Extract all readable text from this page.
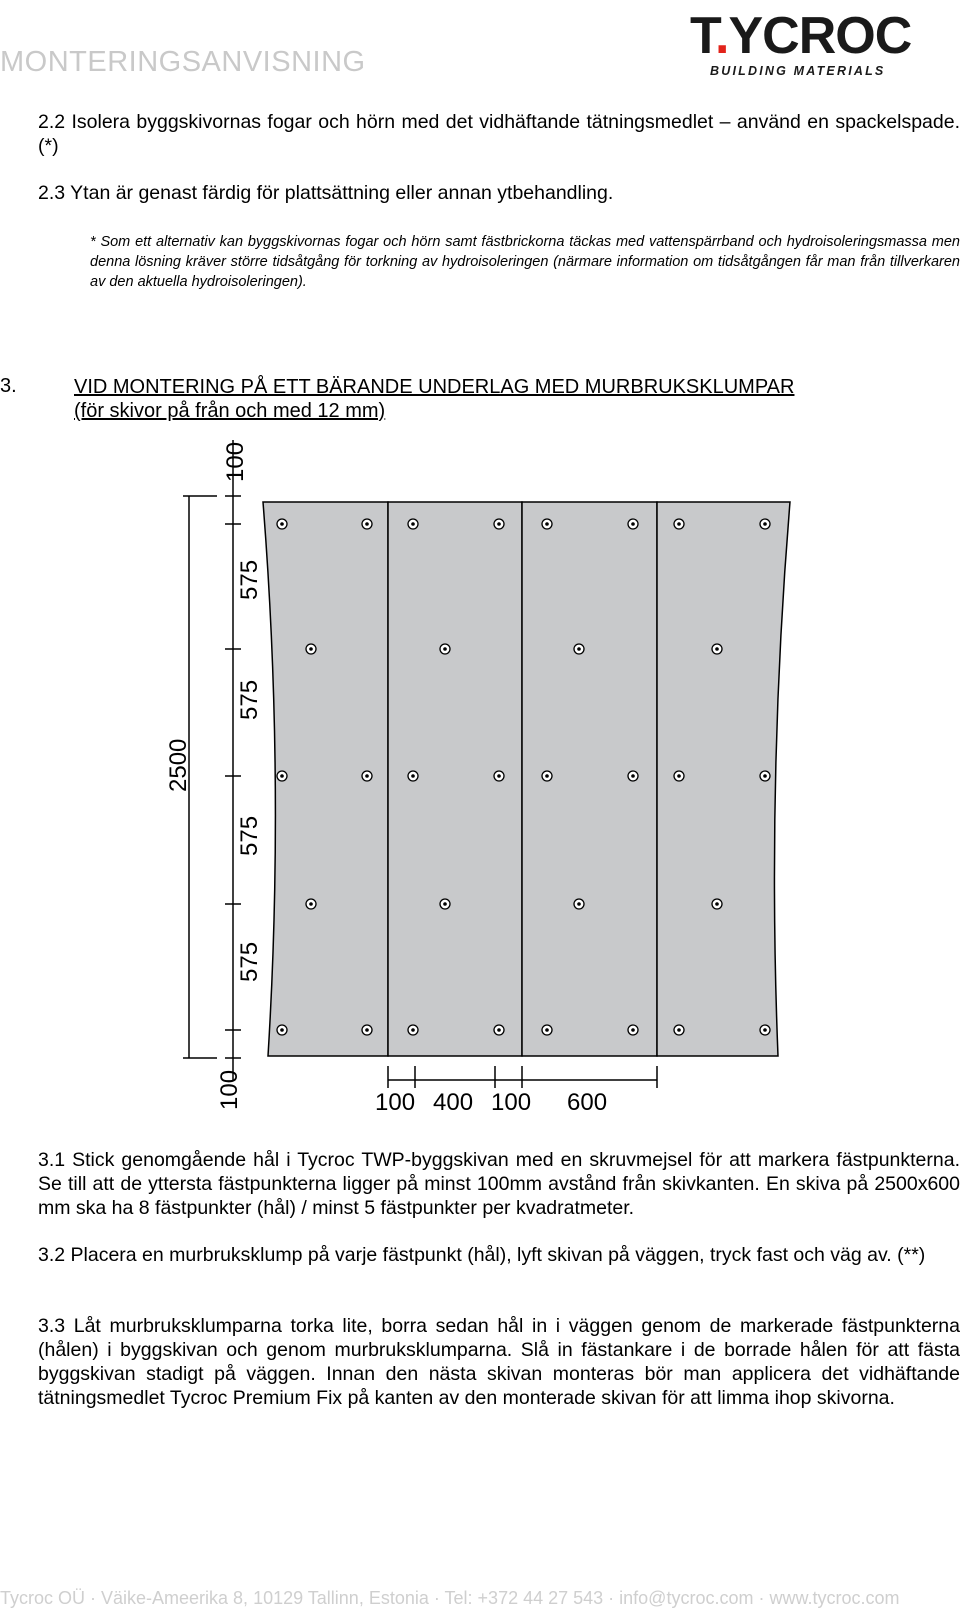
MONTERINGSANVISNING	T.YCROC
BUILDING MATERIALS
2.2 Isolera byggskivornas fogar och hörn med det vidhäftande tätningsmedlet – använd en spackelspade.(*)
2.3 Ytan är genast färdig för plattsättning eller annan ytbehandling.
* Som ett alternativ kan byggskivornas fogar och hörn samt fästbrickorna täckas med vattenspärrband och hydroisoleringsmassa men denna lösning kräver större tidsåtgång för torkning av hydroisoleringen (närmare information om tidsåtgången får man från tillverkaren av den aktuella hydroisoleringen).
3.	VID MONTERING PÅ ETT BÄRANDE UNDERLAG MED MURBRUKSKLUMPAR
(för skivor på från och med 12 mm)
2500
100
575
575
575
575
100	100 400 100 600
3.1 Stick genomgående hål i Tycroc TWP-byggskivan med en skruvmejsel för att markera fästpunkterna. Se till att de yttersta fästpunkterna ligger på minst 100mm avstånd från skivkanten. En skiva på 2500x600 mm ska ha 8 fästpunkter (hål) / minst 5 fästpunkter per kvadratmeter.
3.2 Placera en murbruksklump på varje fästpunkt (hål), lyft skivan på väggen, tryck fast och väg av. (**)
3.3 Låt murbruksklumparna torka lite, borra sedan hål in i väggen genom de markerade fästpunkterna (hålen) i byggskivan och genom murbruksklumparna. Slå in fästankare i de borrade hålen för att fästa byggskivan stadigt på väggen. Innan den nästa skivan monteras bör man applicera det vidhäftande tätningsmedlet Tycroc Premium Fix på kanten av den monterade skivan för att limma ihop skivorna.
Tycroc OÜ · Väike-Ameerika 8, 10129 Tallinn, Estonia · Tel: +372 44 27 543 · info@tycroc.com · www.tycroc.com
